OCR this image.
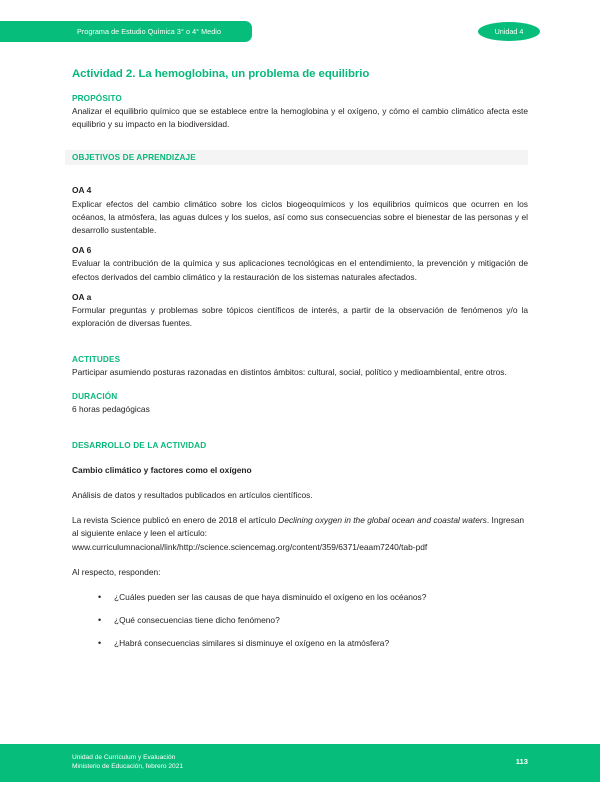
Programa de Estudio Química 3° o 4° Medio	Unidad 4
Actividad 2. La hemoglobina, un problema de equilibrio
PROPÓSITO

Analizar el equilibrio químico que se establece entre la hemoglobina y el oxígeno, y cómo el cambio climático afecta este equilibrio y su impacto en la biodiversidad.

OBJETIVOS DE APRENDIZAJE

OA 4

Explicar efectos del cambio climático sobre los ciclos biogeoquímicos y los equilibrios químicos que ocurren en los océanos, la atmósfera, las aguas dulces y los suelos, así como sus consecuencias sobre el bienestar de las personas y el desarrollo sustentable.

OA 6

Evaluar la contribución de la química y sus aplicaciones tecnológicas en el entendimiento, la prevención y mitigación de efectos derivados del cambio climático y la restauración de los sistemas naturales afectados.

OA a

Formular preguntas y problemas sobre tópicos científicos de interés, a partir de la observación de fenómenos y/o la exploración de diversas fuentes.

ACTITUDES

Participar asumiendo posturas razonadas en distintos ámbitos: cultural, social, político y medioambiental, entre otros.

DURACIÓN

6 horas pedagógicas

DESARROLLO DE LA ACTIVIDAD

Cambio climático y factores como el oxígeno

Análisis de datos y resultados publicados en artículos científicos.

La revista Science publicó en enero de 2018 el artículo Declining oxygen in the global ocean and coastal waters. Ingresan al siguiente enlace y leen el artículo:

www.curriculumnacional/link/http://science.sciencemag.org/content/359/6371/eaam7240/tab-pdf

Al respecto, responden:

• ¿Cuáles pueden ser las causas de que haya disminuido el oxígeno en los océanos?
• ¿Qué consecuencias tiene dicho fenómeno?
• ¿Habrá consecuencias similares si disminuye el oxígeno en la atmósfera?
Unidad de Currículum y Evaluación
Ministerio de Educación, febrero 2021
113
